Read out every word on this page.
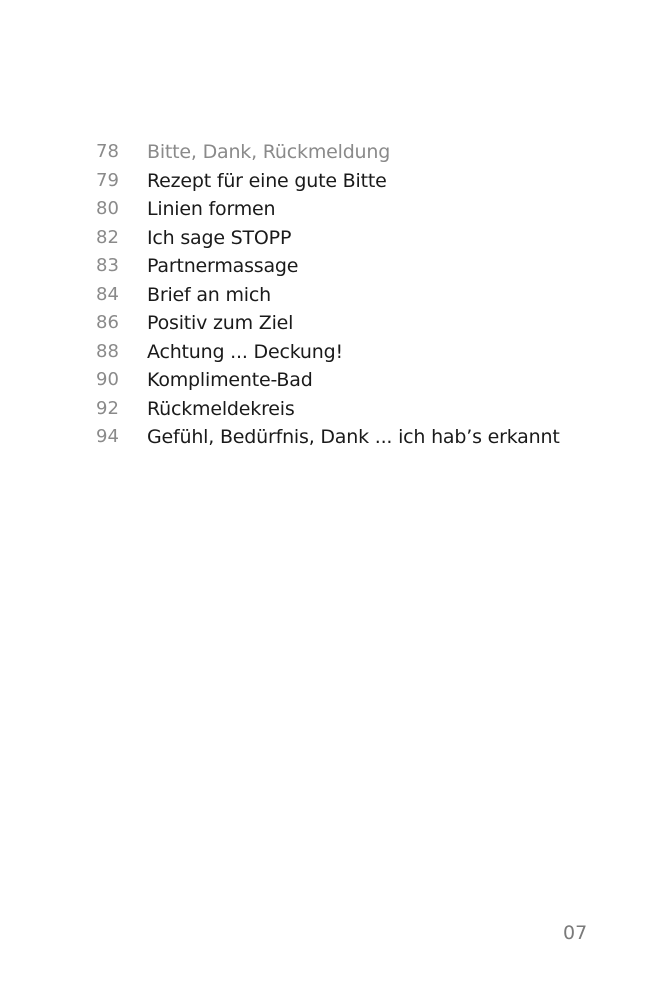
78	Bitte, Dank, Rückmeldung
79	Rezept für eine gute Bitte
80	Linien formen
82	Ich sage STOPP
83	Partnermassage
84	Brief an mich
86	Positiv zum Ziel
88	Achtung ... Deckung!
90	Komplimente-Bad
92	Rückmeldekreis
94	Gefühl, Bedürfnis, Dank ... ich hab’s erkannt
07
